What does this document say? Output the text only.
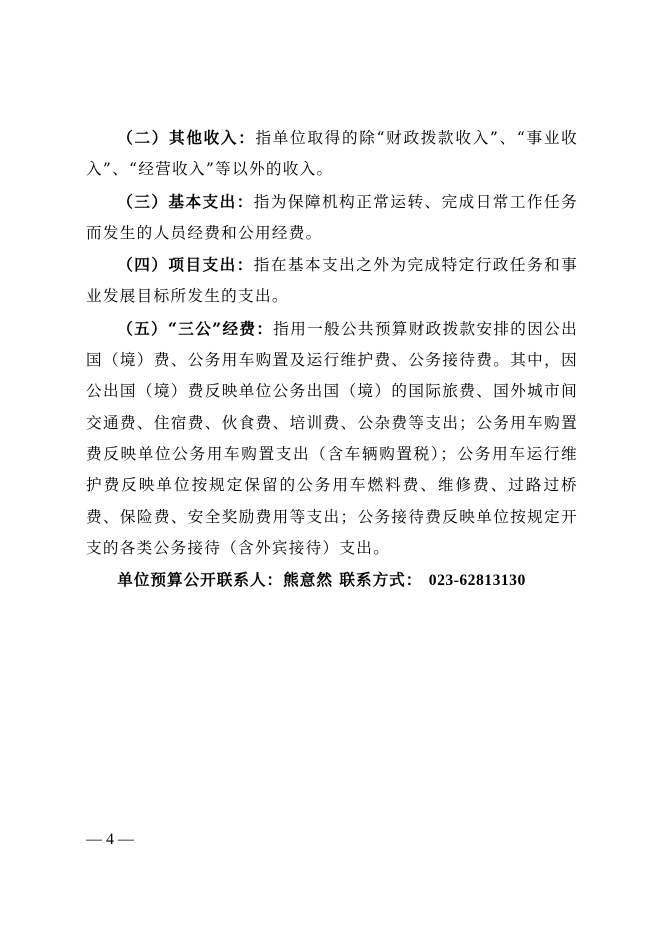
（二）其他收入：指单位取得的除“财政拨款收入”、“事业收入”、“经营收入”等以外的收入。

（三）基本支出：指为保障机构正常运转、完成日常工作任务而发生的人员经费和公用经费。

（四）项目支出：指在基本支出之外为完成特定行政任务和事业发展目标所发生的支出。

（五）“三公”经费：指用一般公共预算财政拨款安排的因公出国（境）费、公务用车购置及运行维护费、公务接待费。其中，因公出国（境）费反映单位公务出国（境）的国际旅费、国外城市间交通费、住宿费、伙食费、培训费、公杂费等支出；公务用车购置费反映单位公务用车购置支出（含车辆购置税）；公务用车运行维护费反映单位按规定保留的公务用车燃料费、维修费、过路过桥费、保险费、安全奖励费用等支出；公务接待费反映单位按规定开支的各类公务接待（含外宾接待）支出。

单位预算公开联系人：熊意然 联系方式： 023-62813130

— 4 —
